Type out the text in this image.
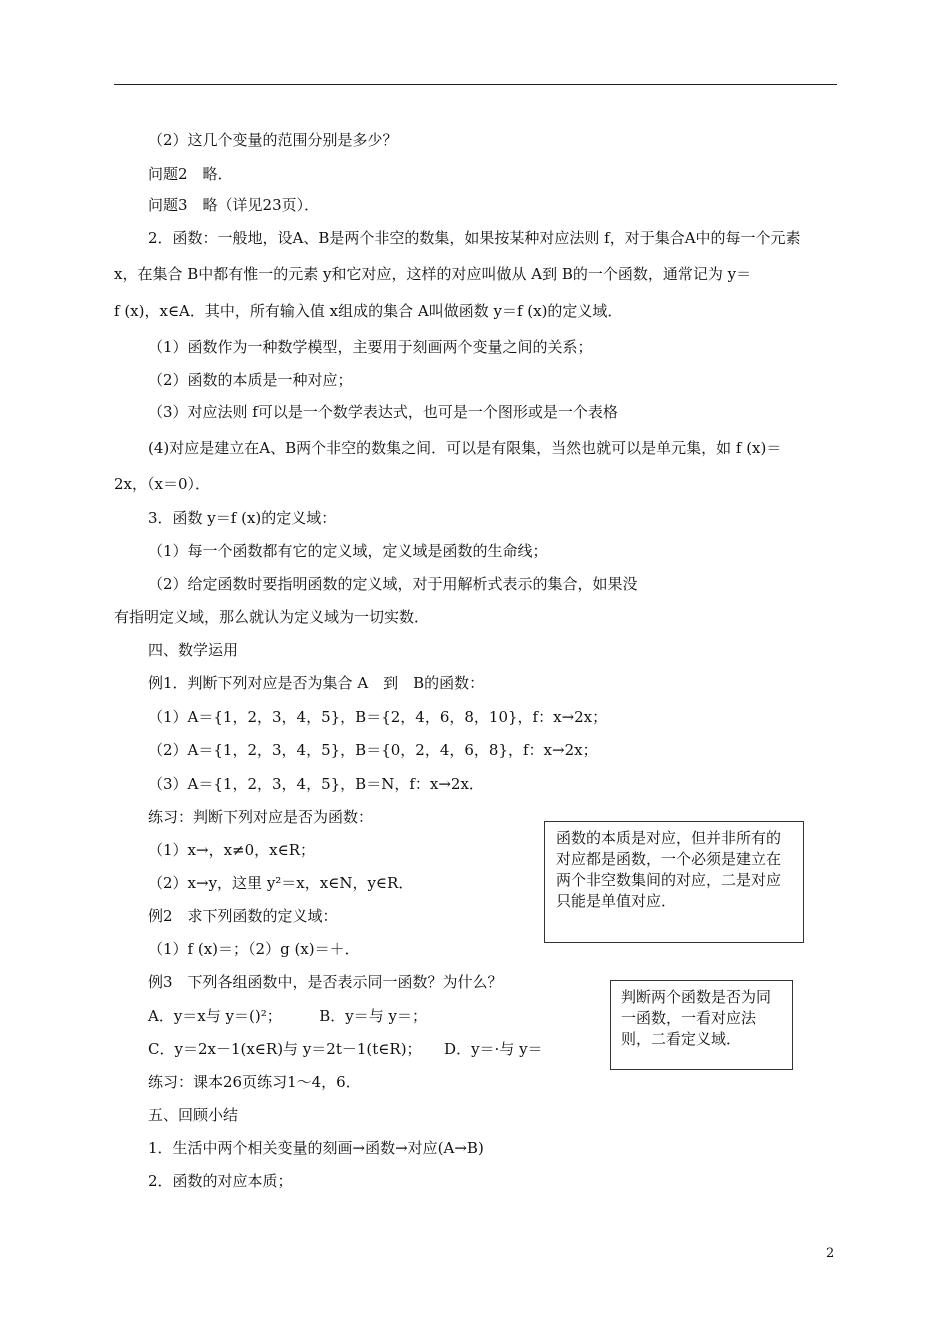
（2）这几个变量的范围分别是多少？
问题2　略．
问题3　略（详见23页）．
2．函数：一般地，设A、B是两个非空的数集，如果按某种对应法则 f，对于集合A中的每一个元素
x，在集合 B中都有惟一的元素 y和它对应，这样的对应叫做从 A到 B的一个函数，通常记为 y＝
f (x)，x∈A．其中，所有输入值 x组成的集合 A叫做函数 y＝f (x)的定义域．
（1）函数作为一种数学模型，主要用于刻画两个变量之间的关系；
（2）函数的本质是一种对应；
（3）对应法则 f可以是一个数学表达式，也可是一个图形或是一个表格
(4)对应是建立在A、B两个非空的数集之间．可以是有限集，当然也就可以是单元集，如 f (x)＝
2x，（x＝0）．
3．函数 y＝f (x)的定义域：
（1）每一个函数都有它的定义域，定义域是函数的生命线；
（2）给定函数时要指明函数的定义域，对于用解析式表示的集合，如果没
有指明定义域，那么就认为定义域为一切实数．
四、数学运用
例1．判断下列对应是否为集合 A　到　B的函数：
（1）A＝{1，2，3，4，5}，B＝{2，4，6，8，10}，f：x→2x；
（2）A＝{1，2，3，4，5}，B＝{0，2，4，6，8}，f：x→2x；
（3）A＝{1，2，3，4，5}，B＝N，f：x→2x．
练习：判断下列对应是否为函数：
（1）x→，x≠0，x∈R；
（2）x→y，这里 y²＝x，x∈N，y∈R．
例2　求下列函数的定义域：
（1）f (x)＝；（2）g (x)＝＋．
例3　下列各组函数中，是否表示同一函数？为什么？
A．y＝x与 y＝()²；　　　B．y＝与 y＝；
C．y＝2x－1(x∈R)与 y＝2t－1(t∈R)；　　D．y＝·与 y＝
练习：课本26页练习1～4，6．
五、回顾小结
1．生活中两个相关变量的刻画→函数→对应(A→B)
2．函数的对应本质；
函数的本质是对应，但并非所有的对应都是函数，一个必须是建立在两个非空数集间的对应，二是对应只能是单值对应．
判断两个函数是否为同一函数，一看对应法则，二看定义域．
2
